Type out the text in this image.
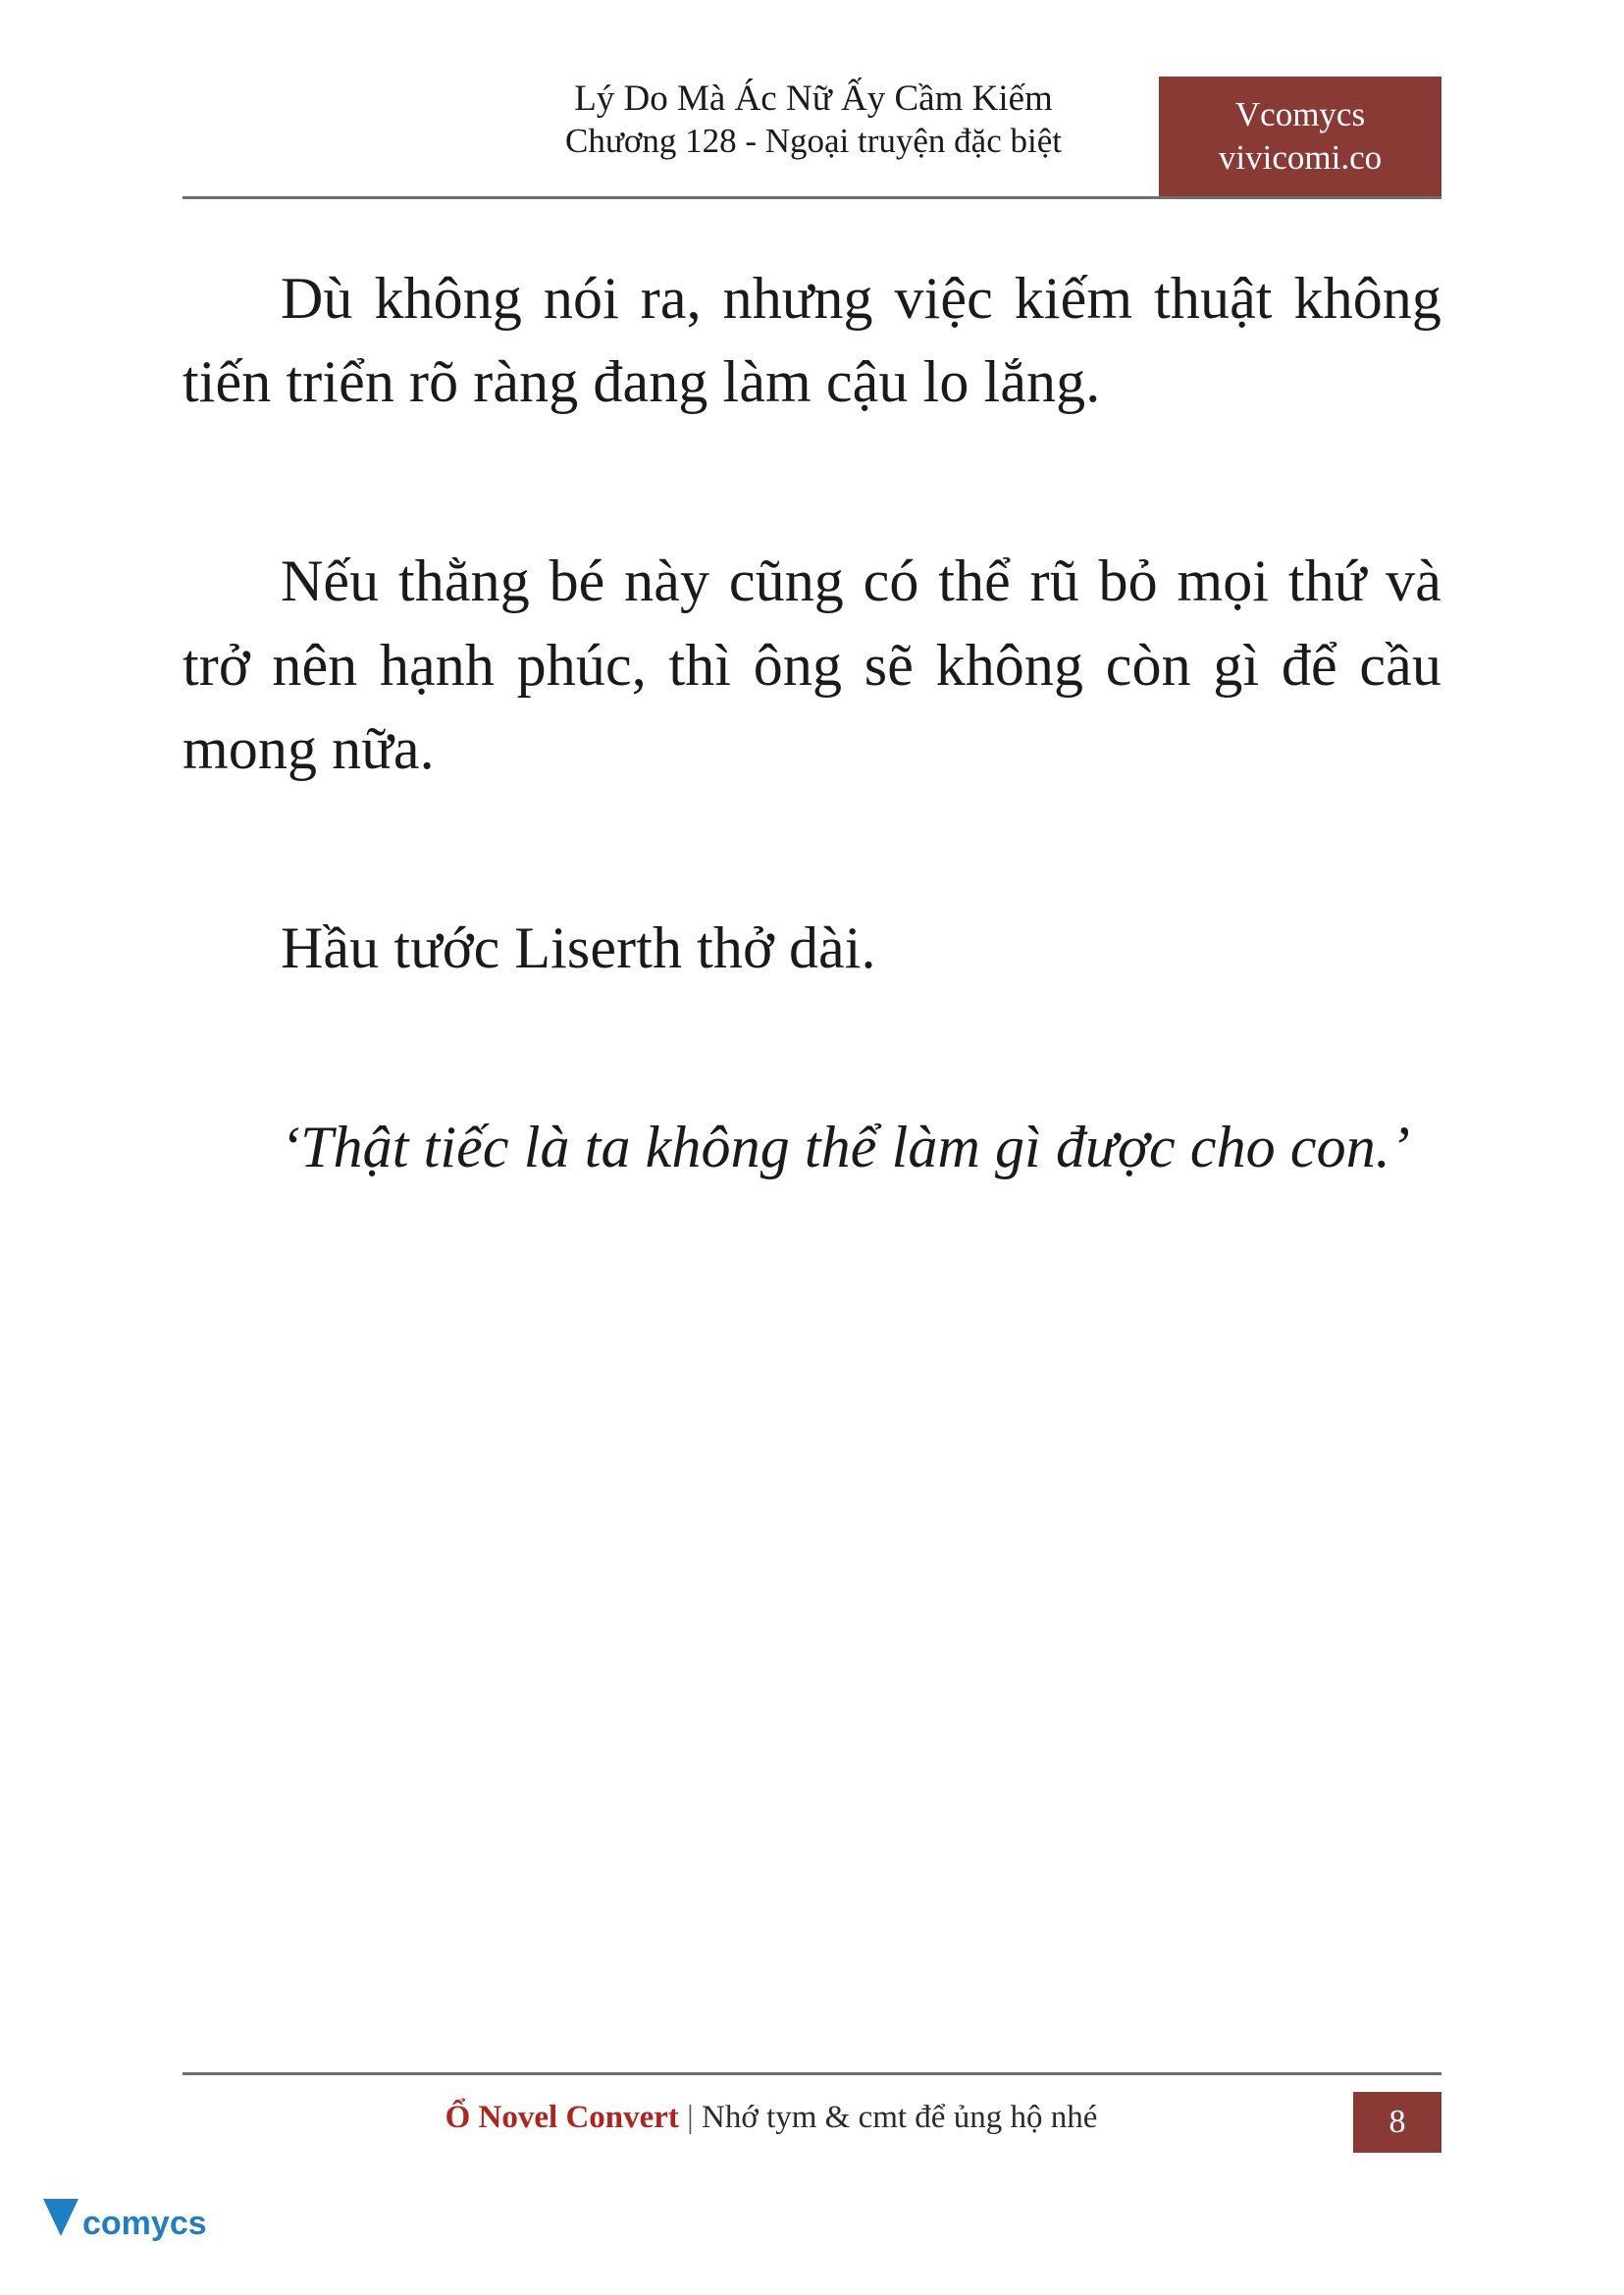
Lý Do Mà Ác Nữ Ấy Cầm Kiếm
Chương 128 - Ngoại truyện đặc biệt
Vcomycs
vivicomi.co

Dù không nói ra, nhưng việc kiếm thuật không tiến triển rõ ràng đang làm cậu lo lắng.

Nếu thằng bé này cũng có thể rũ bỏ mọi thứ và trở nên hạnh phúc, thì ông sẽ không còn gì để cầu mong nữa.

Hầu tước Liserth thở dài.

‘Thật tiếc là ta không thể làm gì được cho con.’

Ổ Novel Convert | Nhớ tym & cmt để ủng hộ nhé	8
comycs
